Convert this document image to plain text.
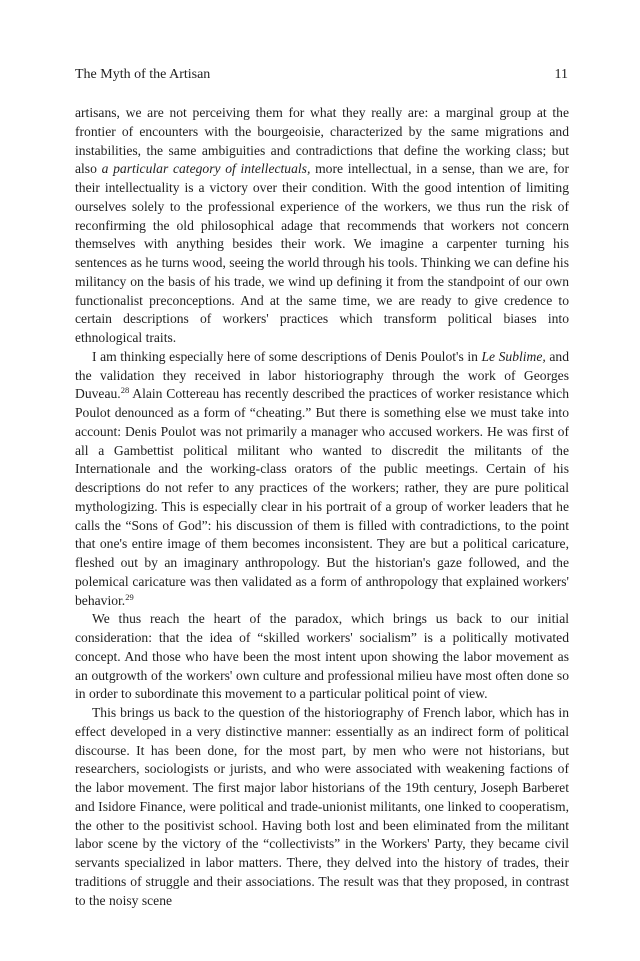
The Myth of the Artisan	11

artisans, we are not perceiving them for what they really are: a marginal group at the frontier of encounters with the bourgeoisie, characterized by the same migrations and instabilities, the same ambiguities and contradictions that define the working class; but also a particular category of intellectuals, more intellectual, in a sense, than we are, for their intellectuality is a victory over their condition. With the good intention of limiting ourselves solely to the professional experience of the workers, we thus run the risk of reconfirming the old philosophical adage that recommends that workers not concern themselves with anything besides their work. We imagine a carpenter turning his sentences as he turns wood, seeing the world through his tools. Thinking we can define his militancy on the basis of his trade, we wind up defining it from the standpoint of our own functionalist preconceptions. And at the same time, we are ready to give credence to certain descriptions of workers' practices which transform political biases into ethnological traits.

I am thinking especially here of some descriptions of Denis Poulot's in Le Sublime, and the validation they received in labor historiography through the work of Georges Duveau.$^{28}$ Alain Cottereau has recently described the practices of worker resistance which Poulot denounced as a form of “cheating.” But there is something else we must take into account: Denis Poulot was not primarily a manager who accused workers. He was first of all a Gambettist political militant who wanted to discredit the militants of the Internationale and the working-class orators of the public meetings. Certain of his descriptions do not refer to any practices of the workers; rather, they are pure political mythologizing. This is especially clear in his portrait of a group of worker leaders that he calls the “Sons of God”: his discussion of them is filled with contradictions, to the point that one's entire image of them becomes inconsistent. They are but a political caricature, fleshed out by an imaginary anthropology. But the historian's gaze followed, and the polemical caricature was then validated as a form of anthropology that explained workers' behavior.$^{29}$

We thus reach the heart of the paradox, which brings us back to our initial consideration: that the idea of “skilled workers' socialism” is a politically motivated concept. And those who have been the most intent upon showing the labor movement as an outgrowth of the workers' own culture and professional milieu have most often done so in order to subordinate this movement to a particular political point of view.

This brings us back to the question of the historiography of French labor, which has in effect developed in a very distinctive manner: essentially as an indirect form of political discourse. It has been done, for the most part, by men who were not historians, but researchers, sociologists or jurists, and who were associated with weakening factions of the labor movement. The first major labor historians of the 19th century, Joseph Barberet and Isidore Finance, were political and trade-unionist militants, one linked to cooperatism, the other to the positivist school. Having both lost and been eliminated from the militant labor scene by the victory of the “collectivists” in the Workers' Party, they became civil servants specialized in labor matters. There, they delved into the history of trades, their traditions of struggle and their associations. The result was that they proposed, in contrast to the noisy scene
